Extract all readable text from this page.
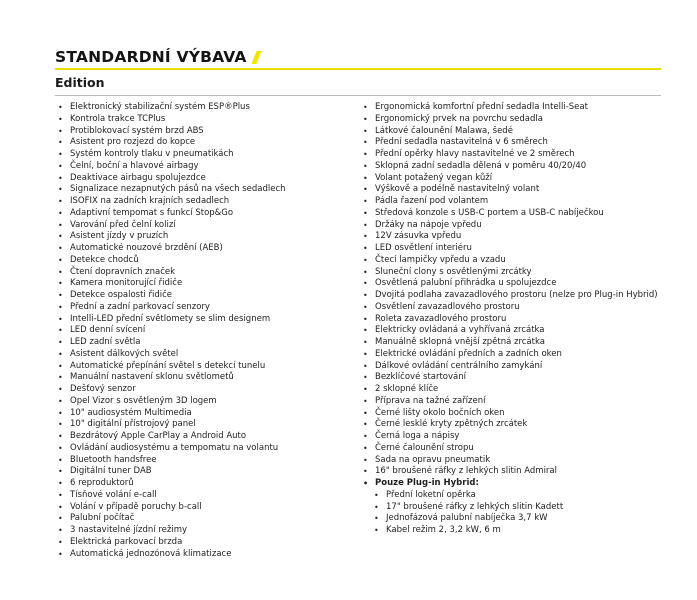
STANDARDNÍ VÝBAVA
Edition
• Elektronický stabilizační systém ESP®Plus
• Kontrola trakce TCPlus
• Protiblokovací systém brzd ABS
• Asistent pro rozjezd do kopce
• Systém kontroly tlaku v pneumatikách
• Čelní, boční a hlavové airbagy
• Deaktivace airbagu spolujezdce
• Signalizace nezapnutých pásů na všech sedadlech
• ISOFIX na zadních krajních sedadlech
• Adaptivní tempomat s funkcí Stop&Go
• Varování před čelní kolizí
• Asistent jízdy v pruzích
• Automatické nouzové brzdění (AEB)
• Detekce chodců
• Čtení dopravních značek
• Kamera monitorující řidiče
• Detekce ospalosti řidiče
• Přední a zadní parkovací senzory
• Intelli-LED přední světlomety se slim designem
• LED denní svícení
• LED zadní světla
• Asistent dálkových světel
• Automatické přepínání světel s detekcí tunelu
• Manuální nastavení sklonu světlometů
• Dešťový senzor
• Opel Vizor s osvětleným 3D logem
• 10" audiosystém Multimedia
• 10" digitální přístrojový panel
• Bezdrátový Apple CarPlay a Android Auto
• Ovládání audiosystému a tempomatu na volantu
• Bluetooth handsfree
• Digitální tuner DAB
• 6 reproduktorů
• Tísňové volání e-call
• Volání v případě poruchy b-call
• Palubní počítač
• 3 nastavitelné jízdní režimy
• Elektrická parkovací brzda
• Automatická jednozónová klimatizace
• Ergonomická komfortní přední sedadla Intelli-Seat
• Ergonomický prvek na povrchu sedadla
• Látkové čalounění Malawa, šedé
• Přední sedadla nastavitelná v 6 směrech
• Přední opěrky hlavy nastavitelné ve 2 směrech
• Sklopná zadní sedadla dělená v poměru 40/20/40
• Volant potažený vegan kůží
• Výškově a podélně nastavitelný volant
• Pádla řazení pod volantem
• Středová konzole s USB-C portem a USB-C nabíječkou
• Držáky na nápoje vpředu
• 12V zásuvka vpředu
• LED osvětlení interiéru
• Čtecí lampičky vpředu a vzadu
• Sluneční clony s osvětlenými zrcátky
• Osvětlená palubní přihrádka u spolujezdce
• Dvojitá podlaha zavazadlového prostoru (nelze pro Plug-in Hybrid)
• Osvětlení zavazadlového prostoru
• Roleta zavazadlového prostoru
• Elektricky ovládaná a vyhřívaná zrcátka
• Manuálně sklopná vnější zpětná zrcátka
• Elektrické ovládání předních a zadních oken
• Dálkové ovládání centrálního zamykání
• Bezklíčové startování
• 2 sklopné klíče
• Příprava na tažné zařízení
• Černé lišty okolo bočních oken
• Černé lesklé kryty zpětných zrcátek
• Černá loga a nápisy
• Černé čalounění stropu
• Sada na opravu pneumatik
• 16" broušené ráfky z lehkých slitin Admiral
• Pouze Plug-in Hybrid:
• Přední loketní opěrka
• 17" broušené ráfky z lehkých slitin Kadett
• Jednofázová palubní nabíječka 3,7 kW
• Kabel režim 2, 3,2 kW, 6 m
